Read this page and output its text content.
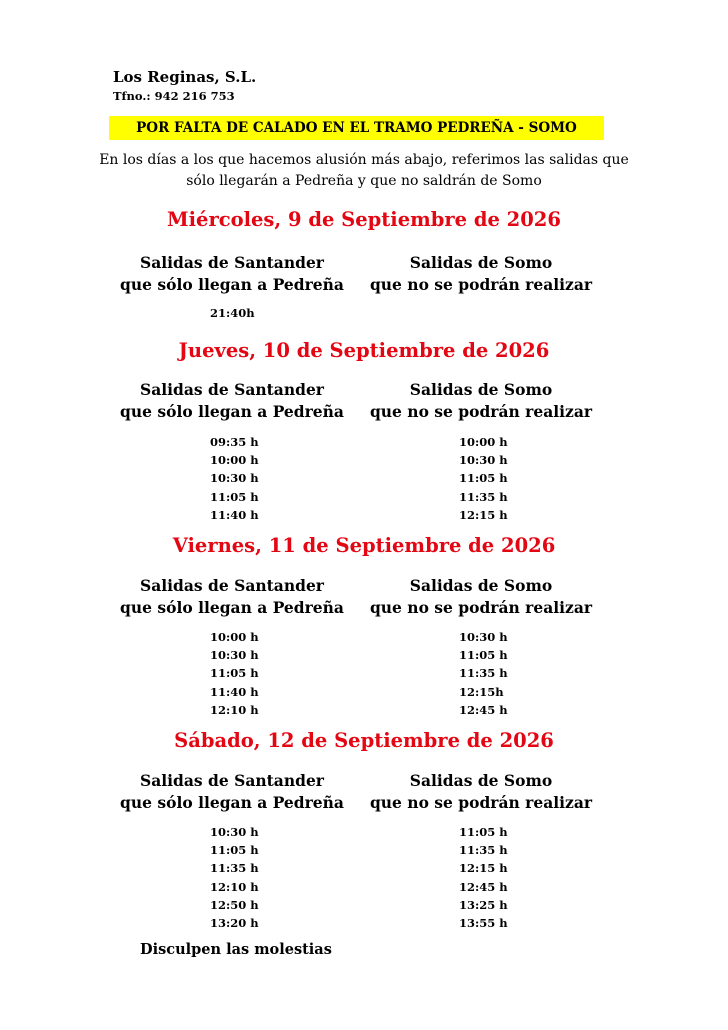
Los Reginas, S.L.
Tfno.: 942 216 753
POR FALTA DE CALADO EN EL TRAMO PEDREÑA - SOMO
En los días a los que hacemos alusión más abajo, referimos las salidas que
sólo llegarán a Pedreña y que no saldrán de Somo
Miércoles, 9 de Septiembre de 2026
Salidas de Santander
que sólo llegan a Pedreña
Salidas de Somo
que no se podrán realizar
21:40h
Jueves, 10 de Septiembre de 2026
Salidas de Santander
que sólo llegan a Pedreña
Salidas de Somo
que no se podrán realizar
09:35 h
10:00 h
10:30 h
11:05 h
11:40 h
10:00 h
10:30 h
11:05 h
11:35 h
12:15 h
Viernes, 11 de Septiembre de 2026
Salidas de Santander
que sólo llegan a Pedreña
Salidas de Somo
que no se podrán realizar
10:00 h
10:30 h
11:05 h
11:40 h
12:10 h
10:30 h
11:05 h
11:35 h
12:15h
12:45 h
Sábado, 12 de Septiembre de 2026
Salidas de Santander
que sólo llegan a Pedreña
Salidas de Somo
que no se podrán realizar
10:30 h
11:05 h
11:35 h
12:10 h
12:50 h
13:20 h
11:05 h
11:35 h
12:15 h
12:45 h
13:25 h
13:55 h
Disculpen las molestias
